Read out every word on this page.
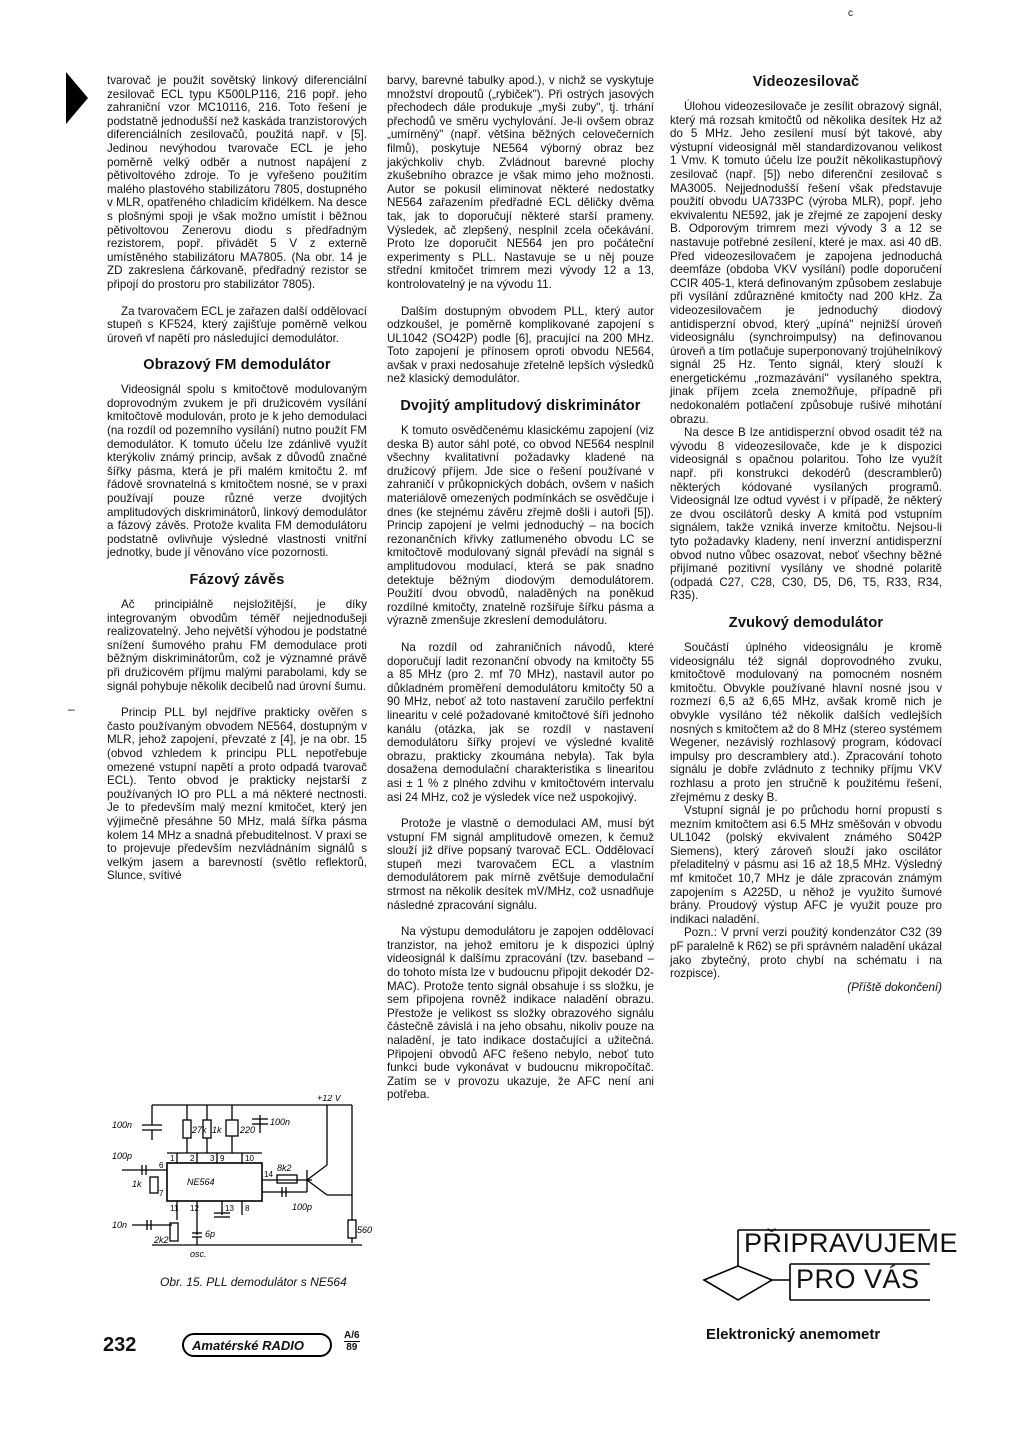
c
–

tvarovač je použit sovětský linkový diferenciální zesilovač ECL typu K500LP116, 216 popř. jeho zahraniční vzor MC10116, 216. Toto řešení je podstatně jednodušší než kaskáda tranzistorových diferenciálních zesilovačů, použitá např. v [5]. Jedinou nevýhodou tvarovače ECL je jeho poměrně velký odběr a nutnost napájení z pětivoltového zdroje. To je vyřešeno použitím malého plastového stabilizátoru 7805, dostupného v MLR, opatřeného chladicím křidélkem. Na desce s plošnými spoji je však možno umístit i běžnou pětivoltovou Zenerovu diodu s předřadným rezistorem, popř. přivádět 5 V z externě umístěného stabilizátoru MA7805. (Na obr. 14 je ZD zakreslena čárkovaně, předřadný rezistor se připojí do prostoru pro stabilizátor 7805).

Za tvarovačem ECL je zařazen další oddělovací stupeň s KF524, který zajišťuje poměrně velkou úroveň vf napětí pro následující demodulátor.

Obrazový FM demodulátor

Videosignál spolu s kmitočtově modulovaným doprovodným zvukem je při družicovém vysílání kmitočtově modulován, proto je k jeho demodulaci (na rozdíl od pozemního vysílání) nutno použít FM demodulátor. K tomuto účelu lze zdánlivě využít kterýkoliv známý princip, avšak z důvodů značné šířky pásma, která je při malém kmitočtu 2. mf řádově srovnatelná s kmitočtem nosné, se v praxi používají pouze různé verze dvojitých amplitudových diskriminátorů, linkový demodulátor a fázový závěs. Protože kvalita FM demodulátoru podstatně ovlivňuje výsledné vlastnosti vnitřní jednotky, bude jí věnováno více pozornosti.

Fázový závěs

Ač principiálně nejsložitější, je díky integrovaným obvodům téměř nejjednodušeji realizovatelný. Jeho největší výhodou je podstatné snížení šumového prahu FM demodulace proti běžným diskriminátorům, což je významné právě při družicovém příjmu malými parabolami, kdy se signál pohybuje několik decibelů nad úrovní šumu.

Princip PLL byl nejdříve prakticky ověřen s často používaným obvodem NE564, dostupným v MLR, jehož zapojení, převzaté z [4], je na obr. 15 (obvod vzhledem k principu PLL nepotřebuje omezené vstupní napětí a proto odpadá tvarovač ECL). Tento obvod je prakticky nejstarší z používaných IO pro PLL a má některé nectnosti. Je to především malý mezní kmitočet, který jen výjimečně přesáhne 50 MHz, malá šířka pásma kolem 14 MHz a snadná přebuditelnost. V praxi se to projevuje především nezvládnáním signálů s velkým jasem a barevností (světlo reflektorů, Slunce, svítivé

+12 V
100n	27k 1k 220
100n
100p
1k	NE564
8k2
100p
10n
2k2
6p
osc.
560
1 2 3 9	10
6
7
14
11 12	13 8
Obr. 15. PLL demodulátor s NE564

barvy, barevné tabulky apod.), v nichž se vyskytuje množství dropoutů („rybiček"). Při ostrých jasových přechodech dále produkuje „myši zuby", tj. trhání přechodů ve směru vychylování. Je-li ovšem obraz „umírněný" (např. většina běžných celovečerních filmů), poskytuje NE564 výborný obraz bez jakýchkoliv chyb. Zvládnout barevné plochy zkušebního obrazce je však mimo jeho možnosti. Autor se pokusil eliminovat některé nedostatky NE564 zařazením předřadné ECL děličky dvěma tak, jak to doporučují některé starší prameny. Výsledek, ač zlepšený, nesplnil zcela očekávání. Proto lze doporučit NE564 jen pro počáteční experimenty s PLL. Nastavuje se u něj pouze střední kmitočet trimrem mezi vývody 12 a 13, kontrolovatelný je na vývodu 11.

Dalším dostupným obvodem PLL, který autor odzkoušel, je poměrně komplikované zapojení s UL1042 (SO42P) podle [6], pracující na 200 MHz. Toto zapojení je přínosem oproti obvodu NE564, avšak v praxi nedosahuje zřetelně lepších výsledků než klasický demodulátor.

Dvojitý amplitudový diskriminátor

K tomuto osvědčenému klasickému zapojení (viz deska B) autor sáhl poté, co obvod NE564 nesplnil všechny kvalitativní požadavky kladené na družicový příjem. Jde sice o řešení používané v zahraničí v průkopnických dobách, ovšem v našich materiálově omezených podmínkách se osvědčuje i dnes (ke stejnému závěru zřejmě došli i autoři [5]). Princip zapojení je velmi jednoduchý – na bocích rezonančních křivky zatlumeného obvodu LC se kmitočtově modulovaný signál převádí na signál s amplitudovou modulací, která se pak snadno detektuje běžným diodovým demodulátorem. Použití dvou obvodů, naladěných na poněkud rozdílné kmitočty, znatelně rozšiřuje šířku pásma a výrazně zmenšuje zkreslení demodulátoru.

Na rozdíl od zahraničních návodů, které doporučují ladit rezonanční obvody na kmitočty 55 a 85 MHz (pro 2. mf 70 MHz), nastavil autor po důkladném proměření demodulátoru kmitočty 50 a 90 MHz, neboť až toto nastavení zaručilo perfektní linearitu v celé požadované kmitočtové šíři jednoho kanálu (otázka, jak se rozdíl v nastavení demodulátoru šířky projeví ve výsledné kvalitě obrazu, prakticky zkoumána nebyla). Tak byla dosažena demodulační charakteristika s linearitou asi ± 1 % z plného zdvihu v kmitočtovém intervalu asi 24 MHz, což je výsledek více než uspokojivý.

Protože je vlastně o demodulaci AM, musí být vstupní FM signál amplitudově omezen, k čemuž slouží již dříve popsaný tvarovač ECL. Oddělovací stupeň mezi tvarovačem ECL a vlastním demodulátorem pak mírně zvětšuje demodulační strmost na několik desítek mV/MHz, což usnadňuje následné zpracování signálu.

Na výstupu demodulátoru je zapojen oddělovací tranzistor, na jehož emitoru je k dispozici úplný videosignál k dalšímu zpracování (tzv. baseband – do tohoto místa lze v budoucnu připojit dekodér D2-MAC). Protože tento signál obsahuje i ss složku, je sem připojena rovněž indikace naladění obrazu. Přestože je velikost ss složky obrazového signálu částečně závislá i na jeho obsahu, nikoliv pouze na naladění, je tato indikace dostačující a užitečná. Připojení obvodů AFC řešeno nebylo, neboť tuto funkci bude vykonávat v budoucnu mikropočítač. Zatím se v provozu ukazuje, že AFC není ani potřeba.

Videozesilovač

Úlohou videozesilovače je zesílit obrazový signál, který má rozsah kmitočtů od několika desítek Hz až do 5 MHz. Jeho zesílení musí být takové, aby výstupní videosignál měl standardizovanou velikost 1 Vmv. K tomuto účelu lze použít několikastupňový zesilovač (např. [5]) nebo diferenční zesilovač s MA3005. Nejjednodušší řešení však představuje použití obvodu UA733PC (výroba MLR), popř. jeho ekvivalentu NE592, jak je zřejmé ze zapojení desky B. Odporovým trimrem mezi vývody 3 a 12 se nastavuje potřebné zesílení, které je max. asi 40 dB. Před videozesilovačem je zapojena jednoduchá deemfáze (obdoba VKV vysílání) podle doporučení CCIR 405-1, která definovaným způsobem zeslabuje při vysílání zdůrazněné kmitočty nad 200 kHz. Za videozesilovačem je jednoduchý diodový antidisperzní obvod, který „upíná" nejnižší úroveň videosignálu (synchroimpulsy) na definovanou úroveň a tím potlačuje superponovaný trojúhelníkový signál 25 Hz. Tento signál, který slouží k energetickému „rozmazávání" vysílaného spektra, jinak příjem zcela znemožňuje, případně při nedokonalém potlačení způsobuje rušivé mihotání obrazu.

Na desce B lze antidisperzní obvod osadit též na vývodu 8 videozesilovače, kde je k dispozici videosignál s opačnou polaritou. Toho lze využít např. při konstrukci dekodérů (descramblerů) některých kódované vysílaných programů. Videosignál lze odtud vyvést i v případě, že některý ze dvou oscilátorů desky A kmitá pod vstupním signálem, takže vzniká inverze kmitočtu. Nejsou-li tyto požadavky kladeny, není inverzní antidisperzní obvod nutno vůbec osazovat, neboť všechny běžné přijímané pozitivní vysílány ve shodné polaritě (odpadá C27, C28, C30, D5, D6, T5, R33, R34, R35).

Zvukový demodulátor

Součástí úplného videosignálu je kromě videosignálu též signál doprovodného zvuku, kmitočtově modulovaný na pomocném nosném kmitočtu. Obvykle používané hlavní nosné jsou v rozmezí 6,5 až 6,65 MHz, avšak kromě nich je obvykle vysíláno též několik dalších vedlejších nosných s kmitočtem až do 8 MHz (stereo systémem Wegener, nezávislý rozhlasový program, kódovací impulsy pro descramblery atd.). Zpracování tohoto signálu je dobře zvládnuto z techniky příjmu VKV rozhlasu a proto jen stručně k použitému řešení, zřejmému z desky B.

Vstupní signál je po průchodu horní propustí s mezním kmitočtem asi 6.5 MHz směšován v obvodu UL1042 (polský ekvivalent známého S042P Siemens), který zároveň slouží jako oscilátor přeladitelný v pásmu asi 16 až 18,5 MHz. Výsledný mf kmitočet 10,7 MHz je dále zpracován známým zapojením s A225D, u něhož je využito šumové brány. Proudový výstup AFC je využit pouze pro indikaci naladění.

Pozn.: V první verzi použitý kondenzátor C32 (39 pF paralelně k R62) se při správném naladění ukázal jako zbytečný, proto chybí na schématu i na rozpisce).

(Příště dokončení)

PŘIPRAVUJEME
PRO VÁS
Elektronický anemometr
232	Amatérské RADIO
A/6
89
